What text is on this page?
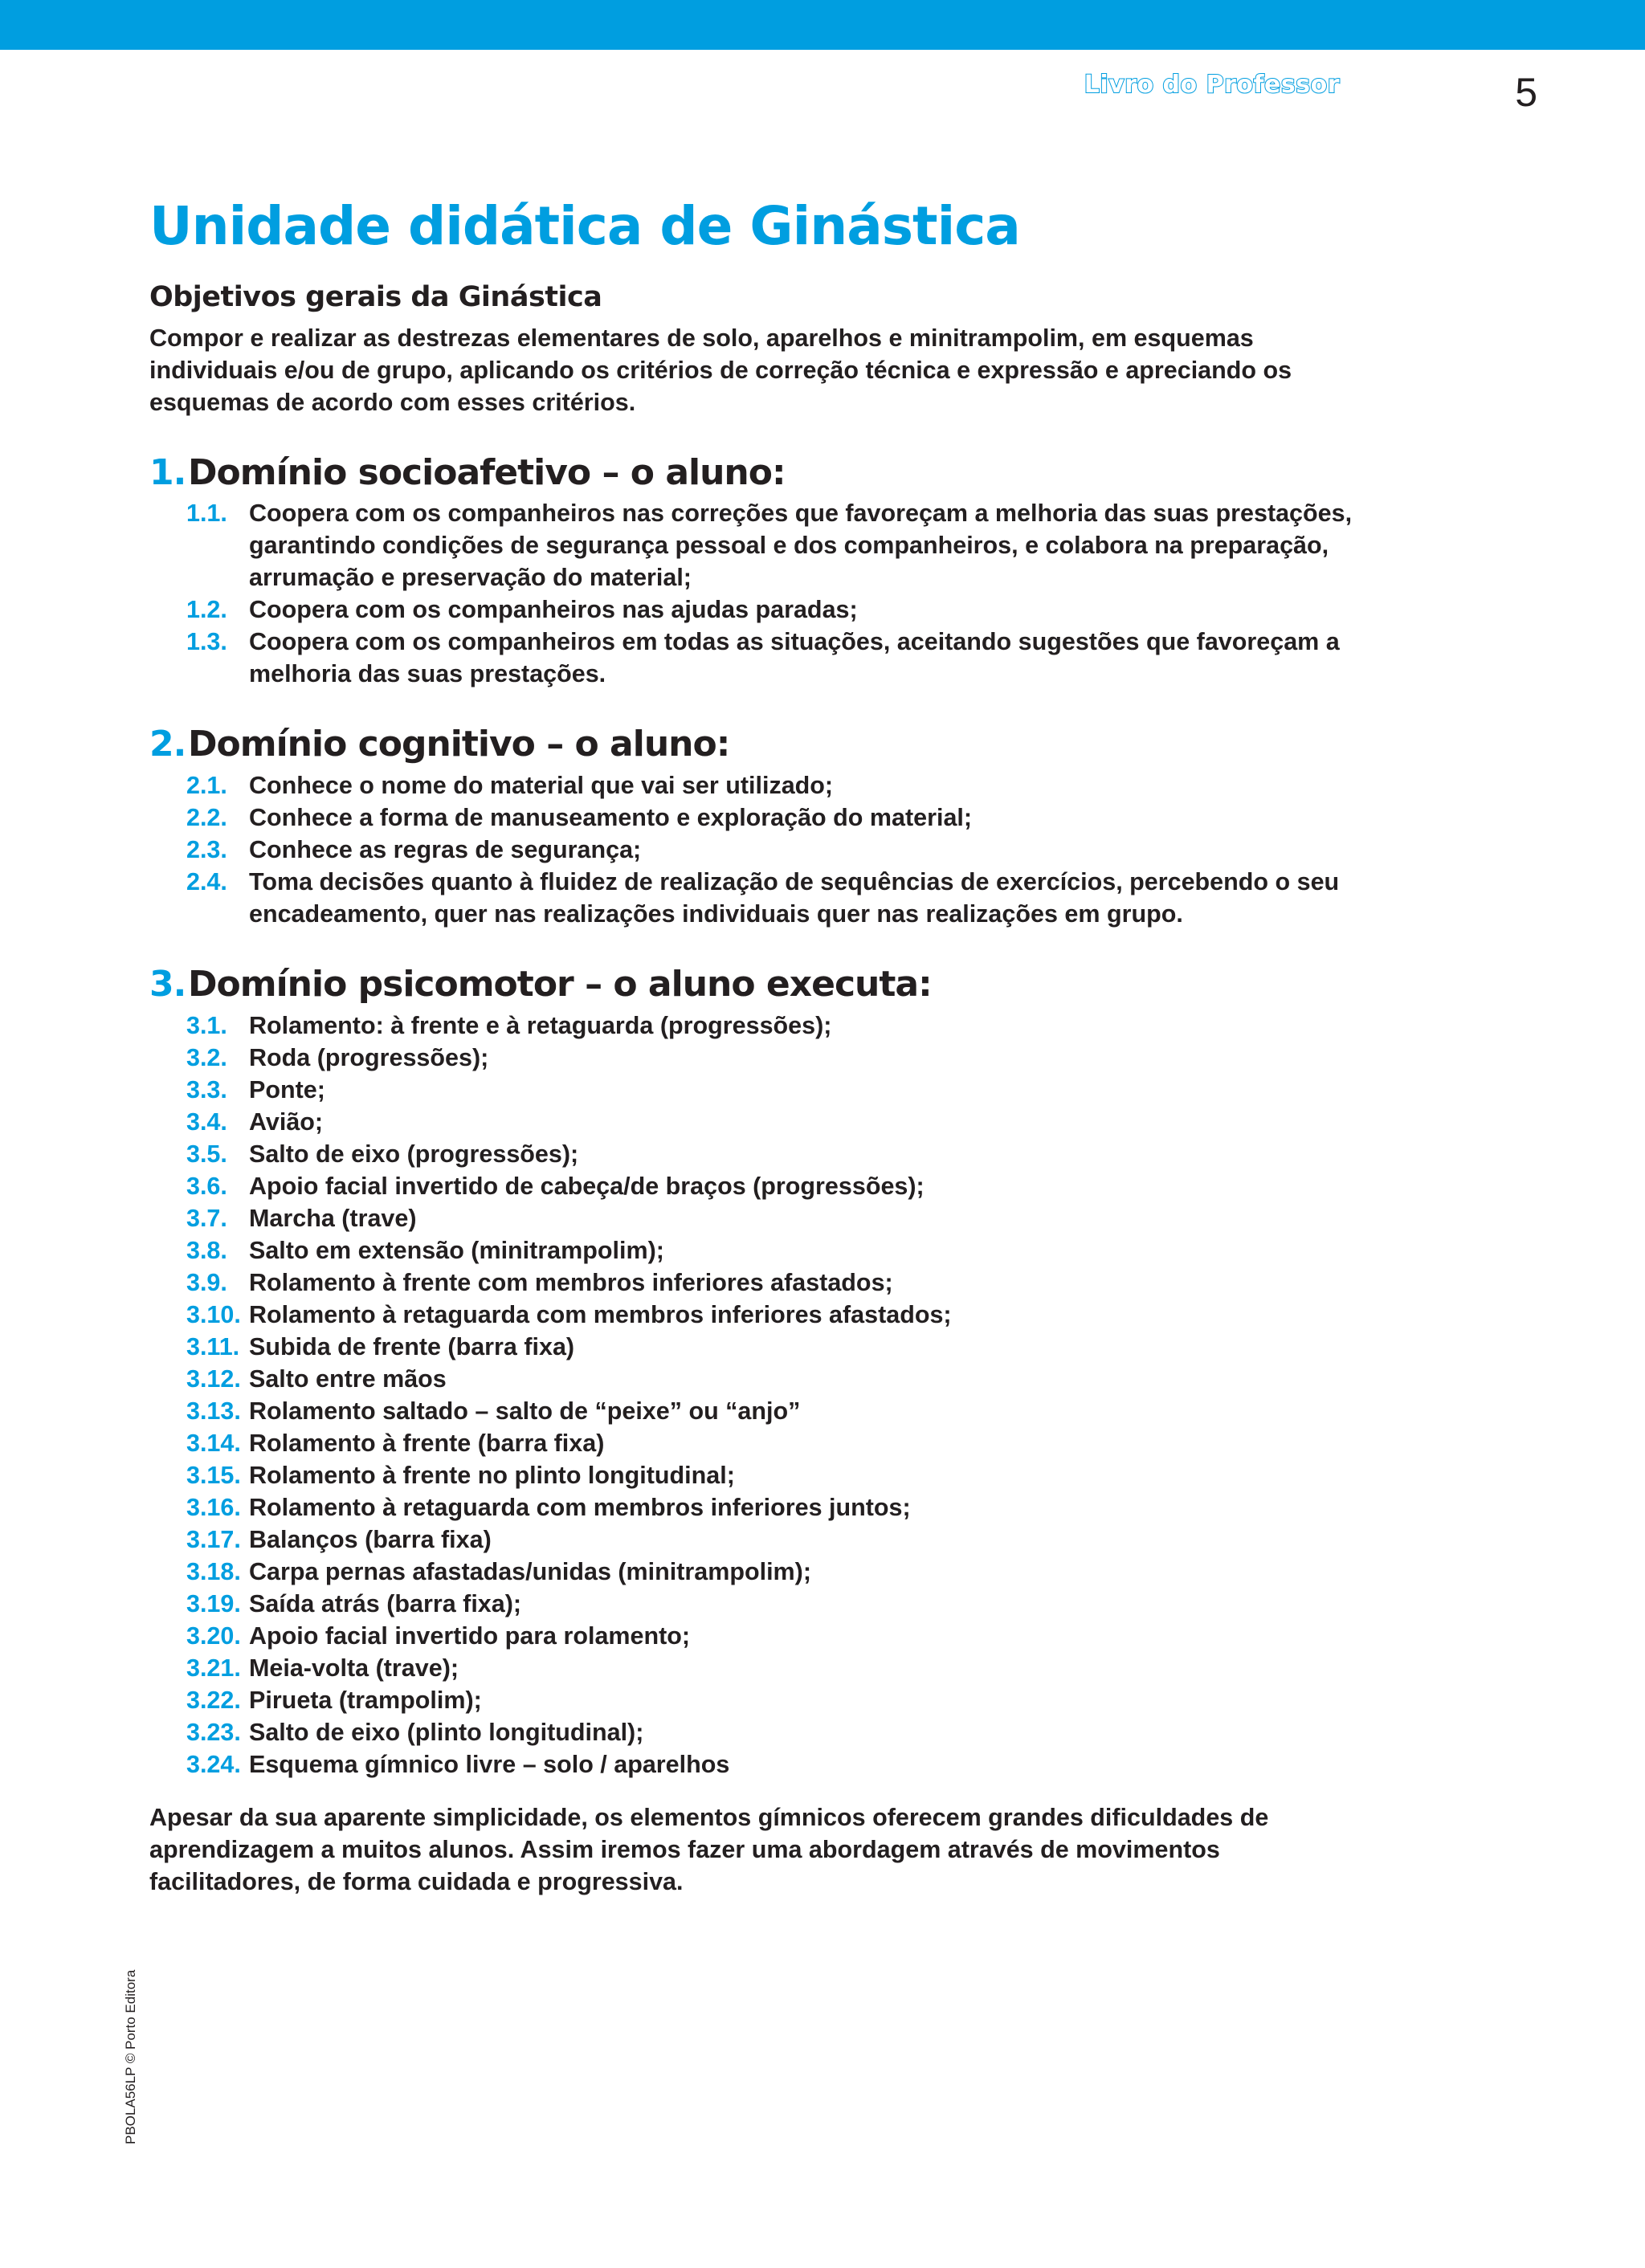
Livro do Professor	5
Unidade didática de Ginástica
Objetivos gerais da Ginástica

Compor e realizar as destrezas elementares de solo, aparelhos e minitrampolim, em esquemas individuais e/ou de grupo, aplicando os critérios de correção técnica e expressão e apreciando os esquemas de acordo com esses critérios.

1. Domínio socioafetivo – o aluno:
1.1. Coopera com os companheiros nas correções que favoreçam a melhoria das suas prestações, garantindo condições de segurança pessoal e dos companheiros, e colabora na preparação, arrumação e preservação do material;
1.2. Coopera com os companheiros nas ajudas paradas;
1.3. Coopera com os companheiros em todas as situações, aceitando sugestões que favoreçam a melhoria das suas prestações.
2. Domínio cognitivo – o aluno:
2.1. Conhece o nome do material que vai ser utilizado;
2.2. Conhece a forma de manuseamento e exploração do material;
2.3. Conhece as regras de segurança;
2.4. Toma decisões quanto à fluidez de realização de sequências de exercícios, percebendo o seu encadeamento, quer nas realizações individuais quer nas realizações em grupo.
3. Domínio psicomotor – o aluno executa:
3.1. Rolamento: à frente e à retaguarda (progressões);
3.2. Roda (progressões);
3.3. Ponte;
3.4. Avião;
3.5. Salto de eixo (progressões);
3.6. Apoio facial invertido de cabeça/de braços (progressões);
3.7. Marcha (trave)
3.8. Salto em extensão (minitrampolim);
3.9. Rolamento à frente com membros inferiores afastados;
3.10. Rolamento à retaguarda com membros inferiores afastados;
3.11. Subida de frente (barra fixa)
3.12. Salto entre mãos
3.13. Rolamento saltado – salto de “peixe” ou “anjo”
3.14. Rolamento à frente (barra fixa)
3.15. Rolamento à frente no plinto longitudinal;
3.16. Rolamento à retaguarda com membros inferiores juntos;
3.17. Balanços (barra fixa)
3.18. Carpa pernas afastadas/unidas (minitrampolim);
3.19. Saída atrás (barra fixa);
3.20. Apoio facial invertido para rolamento;
3.21. Meia-volta (trave);
3.22. Pirueta (trampolim);
3.23. Salto de eixo (plinto longitudinal);
3.24. Esquema gímnico livre – solo / aparelhos

Apesar da sua aparente simplicidade, os elementos gímnicos oferecem grandes dificuldades de aprendizagem a muitos alunos. Assim iremos fazer uma abordagem através de movimentos facilitadores, de forma cuidada e progressiva.

PBOLA56LP © Porto Editora
